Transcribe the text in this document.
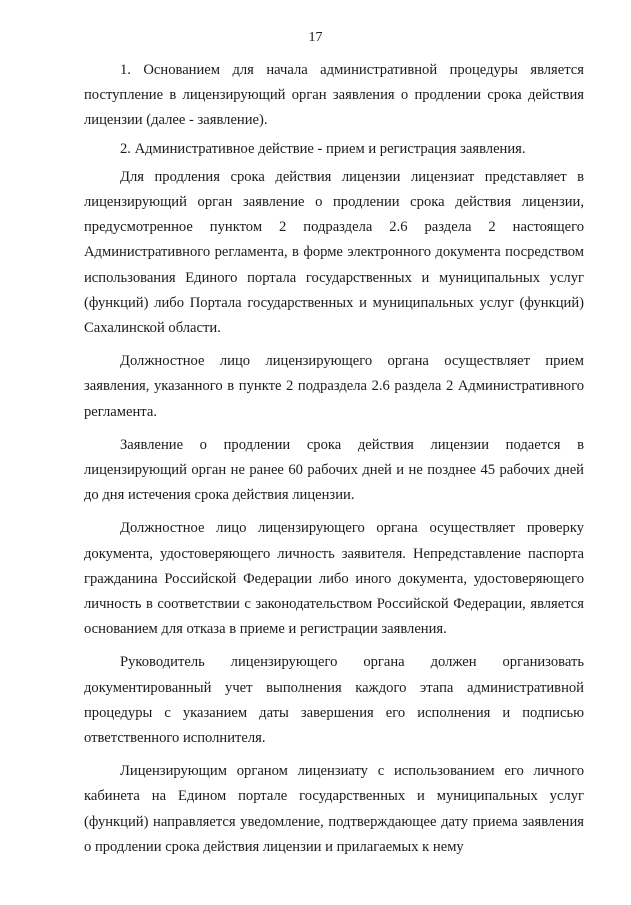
17

1. Основанием для начала административной процедуры является поступление в лицензирующий орган заявления о продлении срока действия лицензии (далее - заявление).

2. Административное действие - прием и регистрация заявления.

Для продления срока действия лицензии лицензиат представляет в лицензирующий орган заявление о продлении срока действия лицензии, предусмотренное пунктом 2 подраздела 2.6 раздела 2 настоящего Административного регламента, в форме электронного документа посредством использования Единого портала государственных и муниципальных услуг (функций) либо Портала государственных и муниципальных услуг (функций) Сахалинской области.

Должностное лицо лицензирующего органа осуществляет прием заявления, указанного в пункте 2 подраздела 2.6 раздела 2 Административного регламента.

Заявление о продлении срока действия лицензии подается в лицензирующий орган не ранее 60 рабочих дней и не позднее 45 рабочих дней до дня истечения срока действия лицензии.

Должностное лицо лицензирующего органа осуществляет проверку документа, удостоверяющего личность заявителя. Непредставление паспорта гражданина Российской Федерации либо иного документа, удостоверяющего личность в соответствии с законодательством Российской Федерации, является основанием для отказа в приеме и регистрации заявления.

Руководитель лицензирующего органа должен организовать документированный учет выполнения каждого этапа административной процедуры с указанием даты завершения его исполнения и подписью ответственного исполнителя.

Лицензирующим органом лицензиату с использованием его личного кабинета на Едином портале государственных и муниципальных услуг (функций) направляется уведомление, подтверждающее дату приема заявления о продлении срока действия лицензии и прилагаемых к нему
